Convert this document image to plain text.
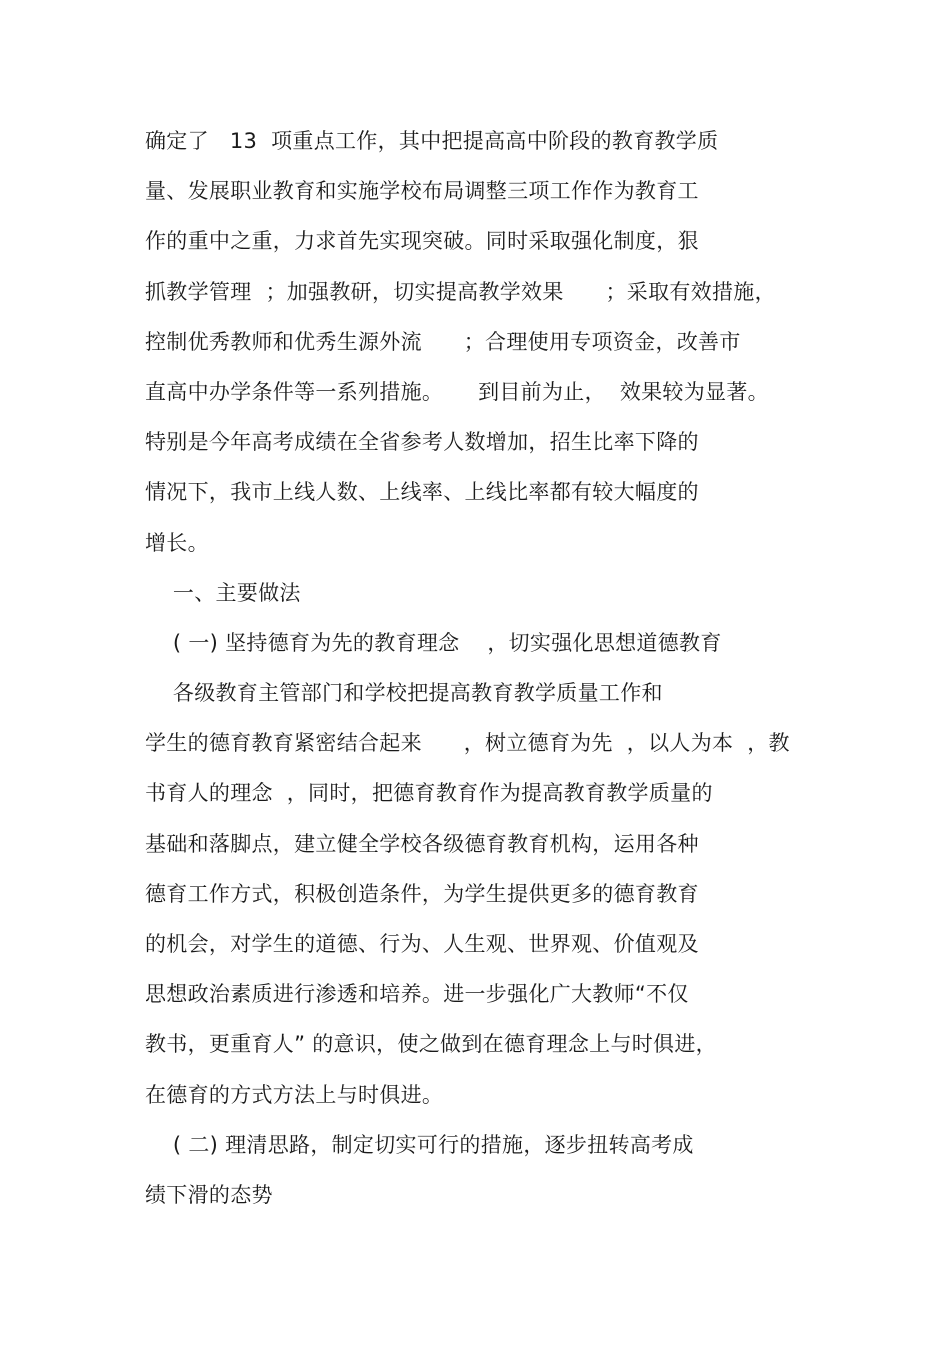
确定了   13  项重点工作，其中把提高高中阶段的教育教学质
量、发展职业教育和实施学校布局调整三项工作作为教育工
作的重中之重，力求首先实现突破。同时采取强化制度，狠
抓教学管理  ；加强教研，切实提高教学效果      ；采取有效措施，
控制优秀教师和优秀生源外流      ；合理使用专项资金，改善市
直高中办学条件等一系列措施。     到目前为止，  效果较为显著。
特别是今年高考成绩在全省参考人数增加，招生比率下降的
情况下，我市上线人数、上线率、上线比率都有较大幅度的
增长。
一、主要做法
( 一) 坚持德育为先的教育理念    ，切实强化思想道德教育
各级教育主管部门和学校把提高教育教学质量工作和
学生的德育教育紧密结合起来      ，树立德育为先  ，以人为本  ，教
书育人的理念  ，同时，把德育教育作为提高教育教学质量的
基础和落脚点，建立健全学校各级德育教育机构，运用各种
德育工作方式，积极创造条件，为学生提供更多的德育教育
的机会，对学生的道德、行为、人生观、世界观、价值观及
思想政治素质进行渗透和培养。进一步强化广大教师“不仅
教书，更重育人” 的意识，使之做到在德育理念上与时俱进，
在德育的方式方法上与时俱进。
( 二) 理清思路，制定切实可行的措施，逐步扭转高考成
绩下滑的态势
